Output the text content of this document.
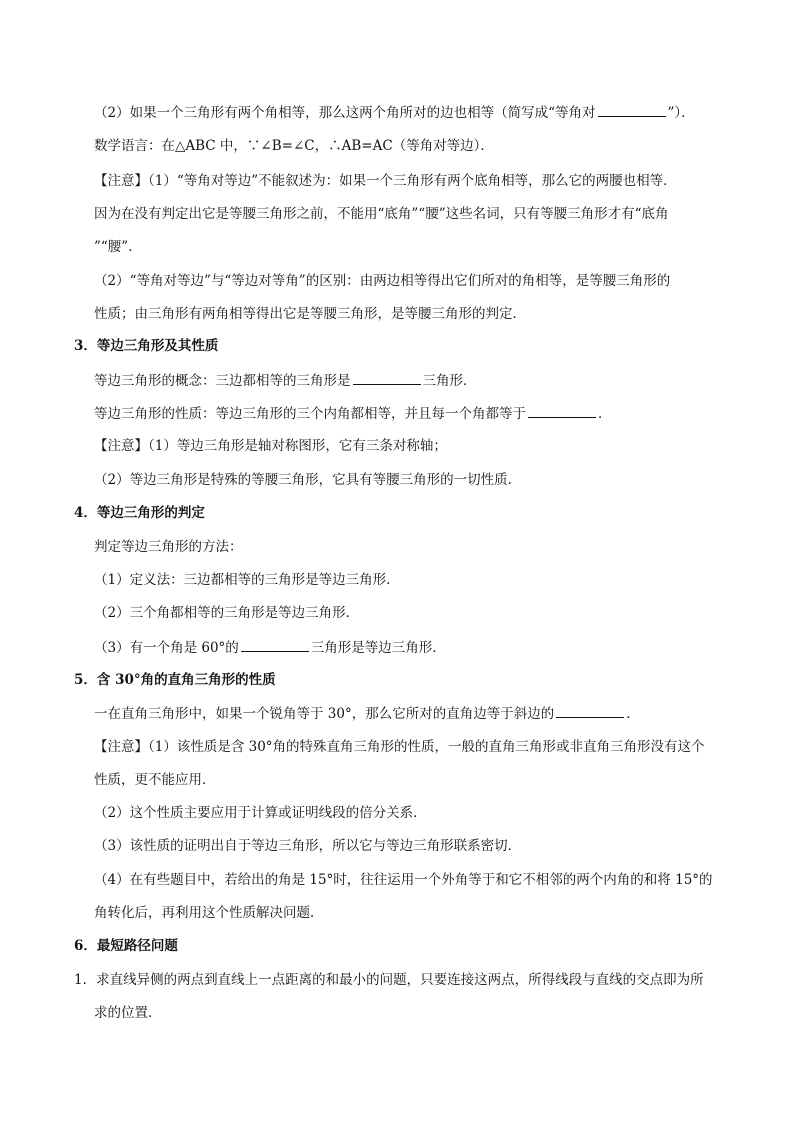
（2）如果一个三角形有两个角相等，那么这两个角所对的边也相等（简写成“等角对	”）．
数学语言：在△ABC 中，∵∠B=∠C，∴AB=AC（等角对等边）．
【注意】（1）“等角对等边”不能叙述为：如果一个三角形有两个底角相等，那么它的两腰也相等．
因为在没有判定出它是等腰三角形之前，不能用“底角”“腰”这些名词，只有等腰三角形才有“底角
”“腰”．
（2）“等角对等边”与“等边对等角”的区别：由两边相等得出它们所对的角相等，是等腰三角形的
性质；由三角形有两角相等得出它是等腰三角形，是等腰三角形的判定．
3．等边三角形及其性质
等边三角形的概念：三边都相等的三角形是	三角形．
等边三角形的性质：等边三角形的三个内角都相等，并且每一个角都等于	．
【注意】（1）等边三角形是轴对称图形，它有三条对称轴；
（2）等边三角形是特殊的等腰三角形，它具有等腰三角形的一切性质．
4．等边三角形的判定
判定等边三角形的方法：
（1）定义法：三边都相等的三角形是等边三角形．
（2）三个角都相等的三角形是等边三角形．
（3）有一个角是 60°的	三角形是等边三角形．
5．含 30°角的直角三角形的性质
一在直角三角形中，如果一个锐角等于 30°，那么它所对的直角边等于斜边的	．
【注意】（1）该性质是含 30°角的特殊直角三角形的性质，一般的直角三角形或非直角三角形没有这个
性质，更不能应用．
（2）这个性质主要应用于计算或证明线段的倍分关系．
（3）该性质的证明出自于等边三角形，所以它与等边三角形联系密切．
（4）在有些题目中，若给出的角是 15°时，往往运用一个外角等于和它不相邻的两个内角的和将 15°的
角转化后，再利用这个性质解决问题．
6．最短路径问题
1．求直线异侧的两点到直线上一点距离的和最小的问题，只要连接这两点，所得线段与直线的交点即为所
求的位置．
